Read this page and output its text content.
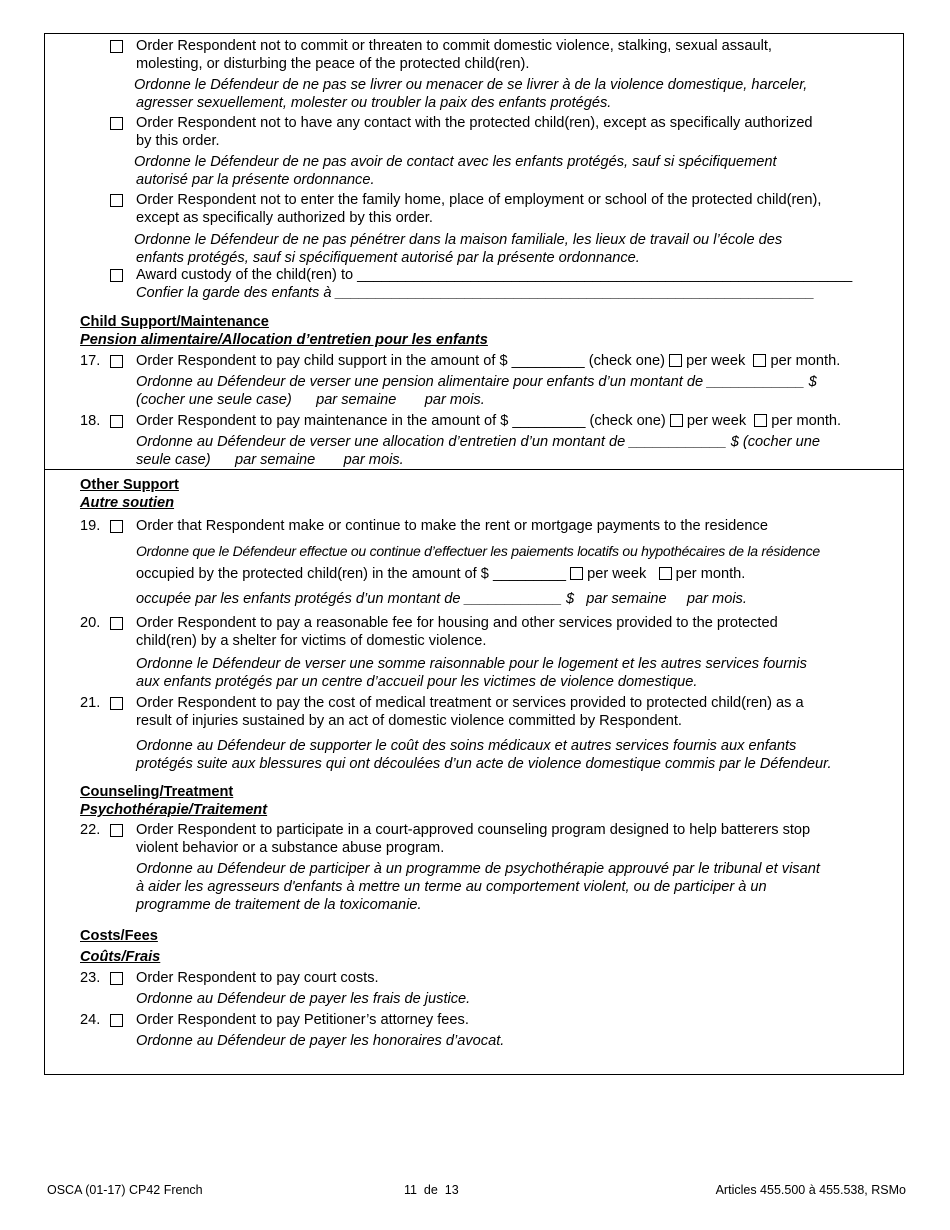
Order Respondent not to commit or threaten to commit domestic violence, stalking, sexual assault,
molesting, or disturbing the peace of the protected child(ren).
Ordonne le Défendeur de ne pas se livrer ou menacer de se livrer à de la violence domestique, harceler,
agresser sexuellement, molester ou troubler la paix des enfants protégés.
Order Respondent not to have any contact with the protected child(ren), except as specifically authorized
by this order.
Ordonne le Défendeur de ne pas avoir de contact avec les enfants protégés, sauf si spécifiquement
autorisé par la présente ordonnance.
Order Respondent not to enter the family home, place of employment or school of the protected child(ren),
except as specifically authorized by this order.
Ordonne le Défendeur de ne pas pénétrer dans la maison familiale, les lieux de travail ou l’école des
enfants protégés, sauf si spécifiquement autorisé par la présente ordonnance.
Award custody of the child(ren) to _____________________________________________________________
Confier la garde des enfants à ___________________________________________________________
Child Support/Maintenance
Pension alimentaire/Allocation d’entretien pour les enfants
17. Order Respondent to pay child support in the amount of $ _________ (check one) per week per month.
Ordonne au Défendeur de verser une pension alimentaire pour enfants d’un montant de ____________ $
(cocher une seule case)      par semaine       par mois.
18. Order Respondent to pay maintenance in the amount of $ _________ (check one) per week per month.
Ordonne au Défendeur de verser une allocation d’entretien d’un montant de ____________ $ (cocher une
seule case)      par semaine       par mois.
Other Support
Autre soutien
19. Order that Respondent make or continue to make the rent or mortgage payments to the residence
Ordonne que le Défendeur effectue ou continue d’effectuer les paiements locatifs ou hypothécaires de la résidence
occupied by the protected child(ren) in the amount of $ _________ per week per month.
occupée par les enfants protégés d’un montant de ____________ $   par semaine     par mois.
20. Order Respondent to pay a reasonable fee for housing and other services provided to the protected
child(ren) by a shelter for victims of domestic violence.
Ordonne le Défendeur de verser une somme raisonnable pour le logement et les autres services fournis
aux enfants protégés par un centre d’accueil pour les victimes de violence domestique.
21. Order Respondent to pay the cost of medical treatment or services provided to protected child(ren) as a
result of injuries sustained by an act of domestic violence committed by Respondent.
Ordonne au Défendeur de supporter le coût des soins médicaux et autres services fournis aux enfants
protégés suite aux blessures qui ont découlées d’un acte de violence domestique commis par le Défendeur.
Counseling/Treatment
Psychothérapie/Traitement
22. Order Respondent to participate in a court-approved counseling program designed to help batterers stop
violent behavior or a substance abuse program.
Ordonne au Défendeur de participer à un programme de psychothérapie approuvé par le tribunal et visant
à aider les agresseurs d'enfants à mettre un terme au comportement violent, ou de participer à un
programme de traitement de la toxicomanie.
Costs/Fees
Coûts/Frais
23. Order Respondent to pay court costs.
Ordonne au Défendeur de payer les frais de justice.
24. Order Respondent to pay Petitioner’s attorney fees.
Ordonne au Défendeur de payer les honoraires d’avocat.
OSCA (01-17) CP42 French	11  de  13	Articles 455.500 à 455.538, RSMo
